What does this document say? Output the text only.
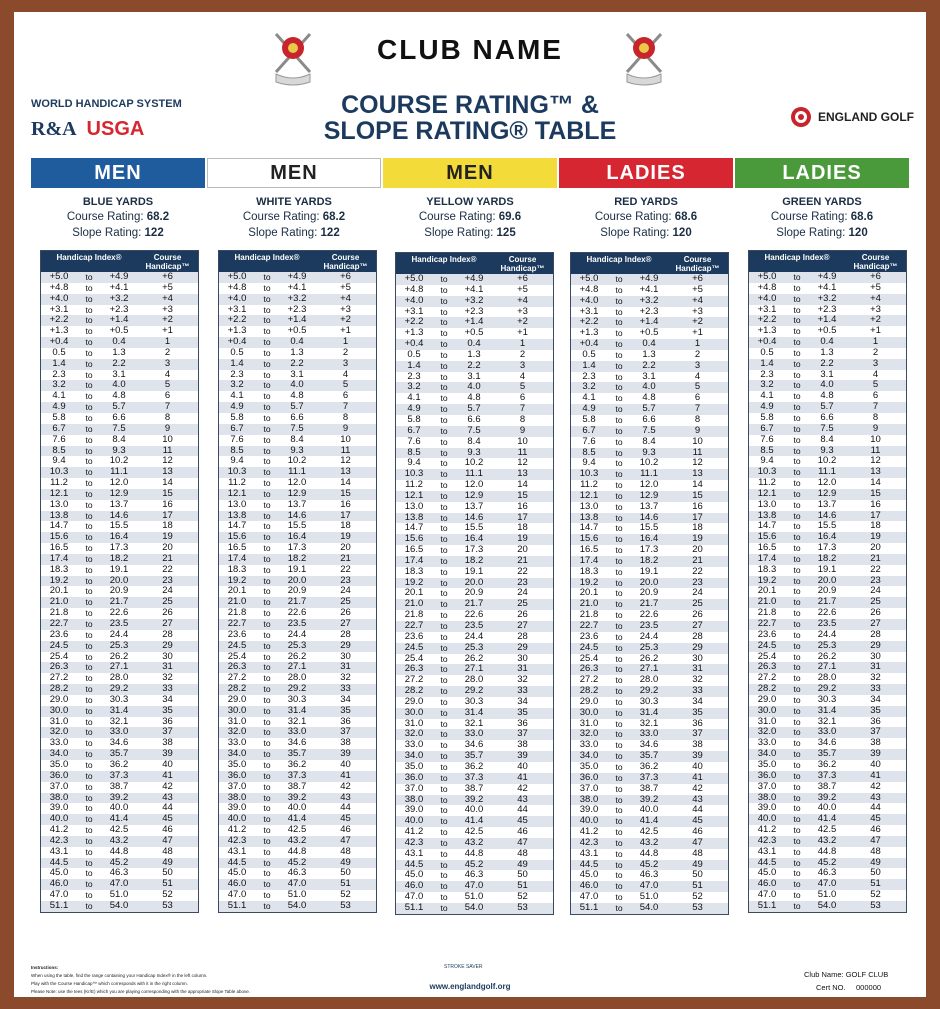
CLUB NAME
COURSE RATING™ &
SLOPE RATING® TABLE
WORLD HANDICAP SYSTEM
R&A USGA
ENGLAND GOLF
MEN	MEN	MEN	LADIES	LADIES
BLUE YARDS
Course Rating: 68.2
Slope Rating: 122
WHITE YARDS
Course Rating: 68.2
Slope Rating: 122
YELLOW YARDS
Course Rating: 69.6
Slope Rating: 125
RED YARDS
Course Rating: 68.6
Slope Rating: 120
GREEN YARDS
Course Rating: 68.6
Slope Rating: 120
Handicap Index®	Course Handicap™
+5.0	to	+4.9	+6
+4.8	to	+4.1	+5
+4.0	to	+3.2	+4
+3.1	to	+2.3	+3
+2.2	to	+1.4	+2
+1.3	to	+0.5	+1
+0.4	to	0.4	1
0.5	to	1.3	2
1.4	to	2.2	3
2.3	to	3.1	4
3.2	to	4.0	5
4.1	to	4.8	6
4.9	to	5.7	7
5.8	to	6.6	8
6.7	to	7.5	9
7.6	to	8.4	10
8.5	to	9.3	11
9.4	to	10.2	12
10.3	to	11.1	13
11.2	to	12.0	14
12.1	to	12.9	15
13.0	to	13.7	16
13.8	to	14.6	17
14.7	to	15.5	18
15.6	to	16.4	19
16.5	to	17.3	20
17.4	to	18.2	21
18.3	to	19.1	22
19.2	to	20.0	23
20.1	to	20.9	24
21.0	to	21.7	25
21.8	to	22.6	26
22.7	to	23.5	27
23.6	to	24.4	28
24.5	to	25.3	29
25.4	to	26.2	30
26.3	to	27.1	31
27.2	to	28.0	32
28.2	to	29.2	33
29.0	to	30.3	34
30.0	to	31.4	35
31.0	to	32.1	36
32.0	to	33.0	37
33.0	to	34.6	38
34.0	to	35.7	39
35.0	to	36.2	40
36.0	to	37.3	41
37.0	to	38.7	42
38.0	to	39.2	43
39.0	to	40.0	44
40.0	to	41.4	45
41.2	to	42.5	46
42.3	to	43.2	47
43.1	to	44.8	48
44.5	to	45.2	49
45.0	to	46.3	50
46.0	to	47.0	51
47.0	to	51.0	52
51.1	to	54.0	53
Handicap Index®	Course Handicap™
+5.0	to	+4.9	+6
+4.8	to	+4.1	+5
+4.0	to	+3.2	+4
+3.1	to	+2.3	+3
+2.2	to	+1.4	+2
+1.3	to	+0.5	+1
+0.4	to	0.4	1
0.5	to	1.3	2
1.4	to	2.2	3
2.3	to	3.1	4
3.2	to	4.0	5
4.1	to	4.8	6
4.9	to	5.7	7
5.8	to	6.6	8
6.7	to	7.5	9
7.6	to	8.4	10
8.5	to	9.3	11
9.4	to	10.2	12
10.3	to	11.1	13
11.2	to	12.0	14
12.1	to	12.9	15
13.0	to	13.7	16
13.8	to	14.6	17
14.7	to	15.5	18
15.6	to	16.4	19
16.5	to	17.3	20
17.4	to	18.2	21
18.3	to	19.1	22
19.2	to	20.0	23
20.1	to	20.9	24
21.0	to	21.7	25
21.8	to	22.6	26
22.7	to	23.5	27
23.6	to	24.4	28
24.5	to	25.3	29
25.4	to	26.2	30
26.3	to	27.1	31
27.2	to	28.0	32
28.2	to	29.2	33
29.0	to	30.3	34
30.0	to	31.4	35
31.0	to	32.1	36
32.0	to	33.0	37
33.0	to	34.6	38
34.0	to	35.7	39
35.0	to	36.2	40
36.0	to	37.3	41
37.0	to	38.7	42
38.0	to	39.2	43
39.0	to	40.0	44
40.0	to	41.4	45
41.2	to	42.5	46
42.3	to	43.2	47
43.1	to	44.8	48
44.5	to	45.2	49
45.0	to	46.3	50
46.0	to	47.0	51
47.0	to	51.0	52
51.1	to	54.0	53
Handicap Index®	Course Handicap™
+5.0	to	+4.9	+6
+4.8	to	+4.1	+5
+4.0	to	+3.2	+4
+3.1	to	+2.3	+3
+2.2	to	+1.4	+2
+1.3	to	+0.5	+1
+0.4	to	0.4	1
0.5	to	1.3	2
1.4	to	2.2	3
2.3	to	3.1	4
3.2	to	4.0	5
4.1	to	4.8	6
4.9	to	5.7	7
5.8	to	6.6	8
6.7	to	7.5	9
7.6	to	8.4	10
8.5	to	9.3	11
9.4	to	10.2	12
10.3	to	11.1	13
11.2	to	12.0	14
12.1	to	12.9	15
13.0	to	13.7	16
13.8	to	14.6	17
14.7	to	15.5	18
15.6	to	16.4	19
16.5	to	17.3	20
17.4	to	18.2	21
18.3	to	19.1	22
19.2	to	20.0	23
20.1	to	20.9	24
21.0	to	21.7	25
21.8	to	22.6	26
22.7	to	23.5	27
23.6	to	24.4	28
24.5	to	25.3	29
25.4	to	26.2	30
26.3	to	27.1	31
27.2	to	28.0	32
28.2	to	29.2	33
29.0	to	30.3	34
30.0	to	31.4	35
31.0	to	32.1	36
32.0	to	33.0	37
33.0	to	34.6	38
34.0	to	35.7	39
35.0	to	36.2	40
36.0	to	37.3	41
37.0	to	38.7	42
38.0	to	39.2	43
39.0	to	40.0	44
40.0	to	41.4	45
41.2	to	42.5	46
42.3	to	43.2	47
43.1	to	44.8	48
44.5	to	45.2	49
45.0	to	46.3	50
46.0	to	47.0	51
47.0	to	51.0	52
51.1	to	54.0	53
Handicap Index®	Course Handicap™
+5.0	to	+4.9	+6
+4.8	to	+4.1	+5
+4.0	to	+3.2	+4
+3.1	to	+2.3	+3
+2.2	to	+1.4	+2
+1.3	to	+0.5	+1
+0.4	to	0.4	1
0.5	to	1.3	2
1.4	to	2.2	3
2.3	to	3.1	4
3.2	to	4.0	5
4.1	to	4.8	6
4.9	to	5.7	7
5.8	to	6.6	8
6.7	to	7.5	9
7.6	to	8.4	10
8.5	to	9.3	11
9.4	to	10.2	12
10.3	to	11.1	13
11.2	to	12.0	14
12.1	to	12.9	15
13.0	to	13.7	16
13.8	to	14.6	17
14.7	to	15.5	18
15.6	to	16.4	19
16.5	to	17.3	20
17.4	to	18.2	21
18.3	to	19.1	22
19.2	to	20.0	23
20.1	to	20.9	24
21.0	to	21.7	25
21.8	to	22.6	26
22.7	to	23.5	27
23.6	to	24.4	28
24.5	to	25.3	29
25.4	to	26.2	30
26.3	to	27.1	31
27.2	to	28.0	32
28.2	to	29.2	33
29.0	to	30.3	34
30.0	to	31.4	35
31.0	to	32.1	36
32.0	to	33.0	37
33.0	to	34.6	38
34.0	to	35.7	39
35.0	to	36.2	40
36.0	to	37.3	41
37.0	to	38.7	42
38.0	to	39.2	43
39.0	to	40.0	44
40.0	to	41.4	45
41.2	to	42.5	46
42.3	to	43.2	47
43.1	to	44.8	48
44.5	to	45.2	49
45.0	to	46.3	50
46.0	to	47.0	51
47.0	to	51.0	52
51.1	to	54.0	53
Handicap Index®	Course Handicap™
+5.0	to	+4.9	+6
+4.8	to	+4.1	+5
+4.0	to	+3.2	+4
+3.1	to	+2.3	+3
+2.2	to	+1.4	+2
+1.3	to	+0.5	+1
+0.4	to	0.4	1
0.5	to	1.3	2
1.4	to	2.2	3
2.3	to	3.1	4
3.2	to	4.0	5
4.1	to	4.8	6
4.9	to	5.7	7
5.8	to	6.6	8
6.7	to	7.5	9
7.6	to	8.4	10
8.5	to	9.3	11
9.4	to	10.2	12
10.3	to	11.1	13
11.2	to	12.0	14
12.1	to	12.9	15
13.0	to	13.7	16
13.8	to	14.6	17
14.7	to	15.5	18
15.6	to	16.4	19
16.5	to	17.3	20
17.4	to	18.2	21
18.3	to	19.1	22
19.2	to	20.0	23
20.1	to	20.9	24
21.0	to	21.7	25
21.8	to	22.6	26
22.7	to	23.5	27
23.6	to	24.4	28
24.5	to	25.3	29
25.4	to	26.2	30
26.3	to	27.1	31
27.2	to	28.0	32
28.2	to	29.2	33
29.0	to	30.3	34
30.0	to	31.4	35
31.0	to	32.1	36
32.0	to	33.0	37
33.0	to	34.6	38
34.0	to	35.7	39
35.0	to	36.2	40
36.0	to	37.3	41
37.0	to	38.7	42
38.0	to	39.2	43
39.0	to	40.0	44
40.0	to	41.4	45
41.2	to	42.5	46
42.3	to	43.2	47
43.1	to	44.8	48
44.5	to	45.2	49
45.0	to	46.3	50
46.0	to	47.0	51
47.0	to	51.0	52
51.1	to	54.0	53
Instructions:
When using the table, find the range containing your Handicap Index® in the left column.
Play with the Course Handicap™ which corresponds with it in the right column.
Please Note: use the tees (Kr/E) which you are playing corresponding with the appropriate Slope Table above.
STROKE SAVER
www.englandgolf.org
Club Name: GOLF CLUB
Cert NO. 000000
